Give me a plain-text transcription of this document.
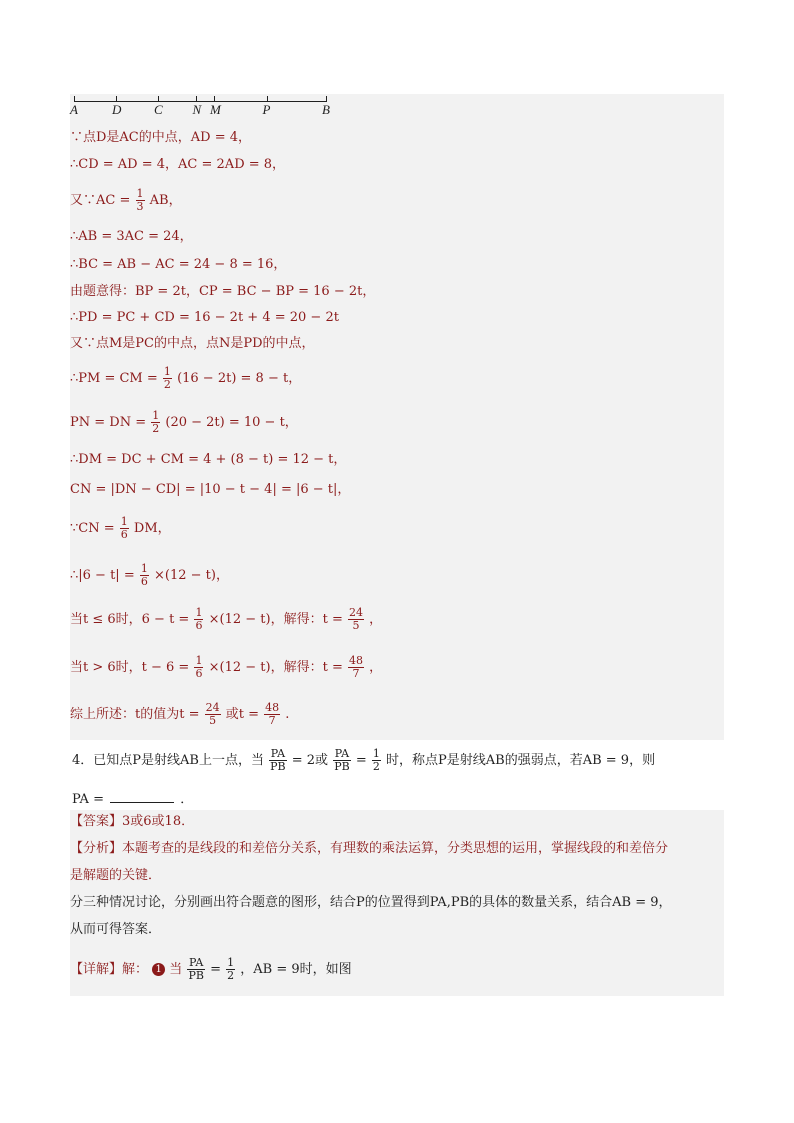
A	D	C N M	P	B
∵点D是AC的中点，AD = 4，
∴CD = AD = 4，AC = 2AD = 8，
又∵AC = $\frac{1}{3}$ AB，
∴AB = 3AC = 24，
∴BC = AB − AC = 24 − 8 = 16，
由题意得：BP = 2t，CP = BC − BP = 16 − 2t，
∴PD = PC + CD = 16 − 2t + 4 = 20 − 2t
又∵点M是PC的中点，点N是PD的中点，
∴PM = CM = $\frac{1}{2} (16 - 2t) = 8 - t$，
PN = DN = $\frac{1}{2} (20 - 2t) = 10 - t$，
∴DM = DC + CM = 4 + (8 − t) = 12 − t，
CN = |DN − CD| = |10 − t − 4| = |6 − t|，
∵CN = $\frac{1}{6}$ DM，
∴|6 − $t| = \frac{1}{6} \times(12 - t)$，
当t ≤ 6时，$6 - t = \frac{1}{6} \times(12 - t)$，解得：$t = \frac{24}{5}$ ，
当t > 6时，$t - 6 = \frac{1}{6} \times(12 - t)$，解得：$t = \frac{48}{7}$ ，
综上所述：t的值为$t = \frac{24}{5}$ 或$t = \frac{48}{7}$ .
4．已知点P是射线AB上一点，当 $\frac{PA}{PB} = 2$或 $\frac{PA}{PB} = \frac{1}{2}$ 时，称点P是射线AB的强弱点，若AB = 9，则
PA =	．
【答案】3或6或18．
【分析】本题考查的是线段的和差倍分关系，有理数的乘法运算，分类思想的运用，掌握线段的和差倍分
是解题的关键．
分三种情况讨论，分别画出符合题意的图形，结合P的位置得到PA,PB的具体的数量关系，结合AB = 9，
从而可得答案．
【详解】解： 1 当 $\frac{PA}{PB} = \frac{1}{2}$ ，AB = 9时，如图
